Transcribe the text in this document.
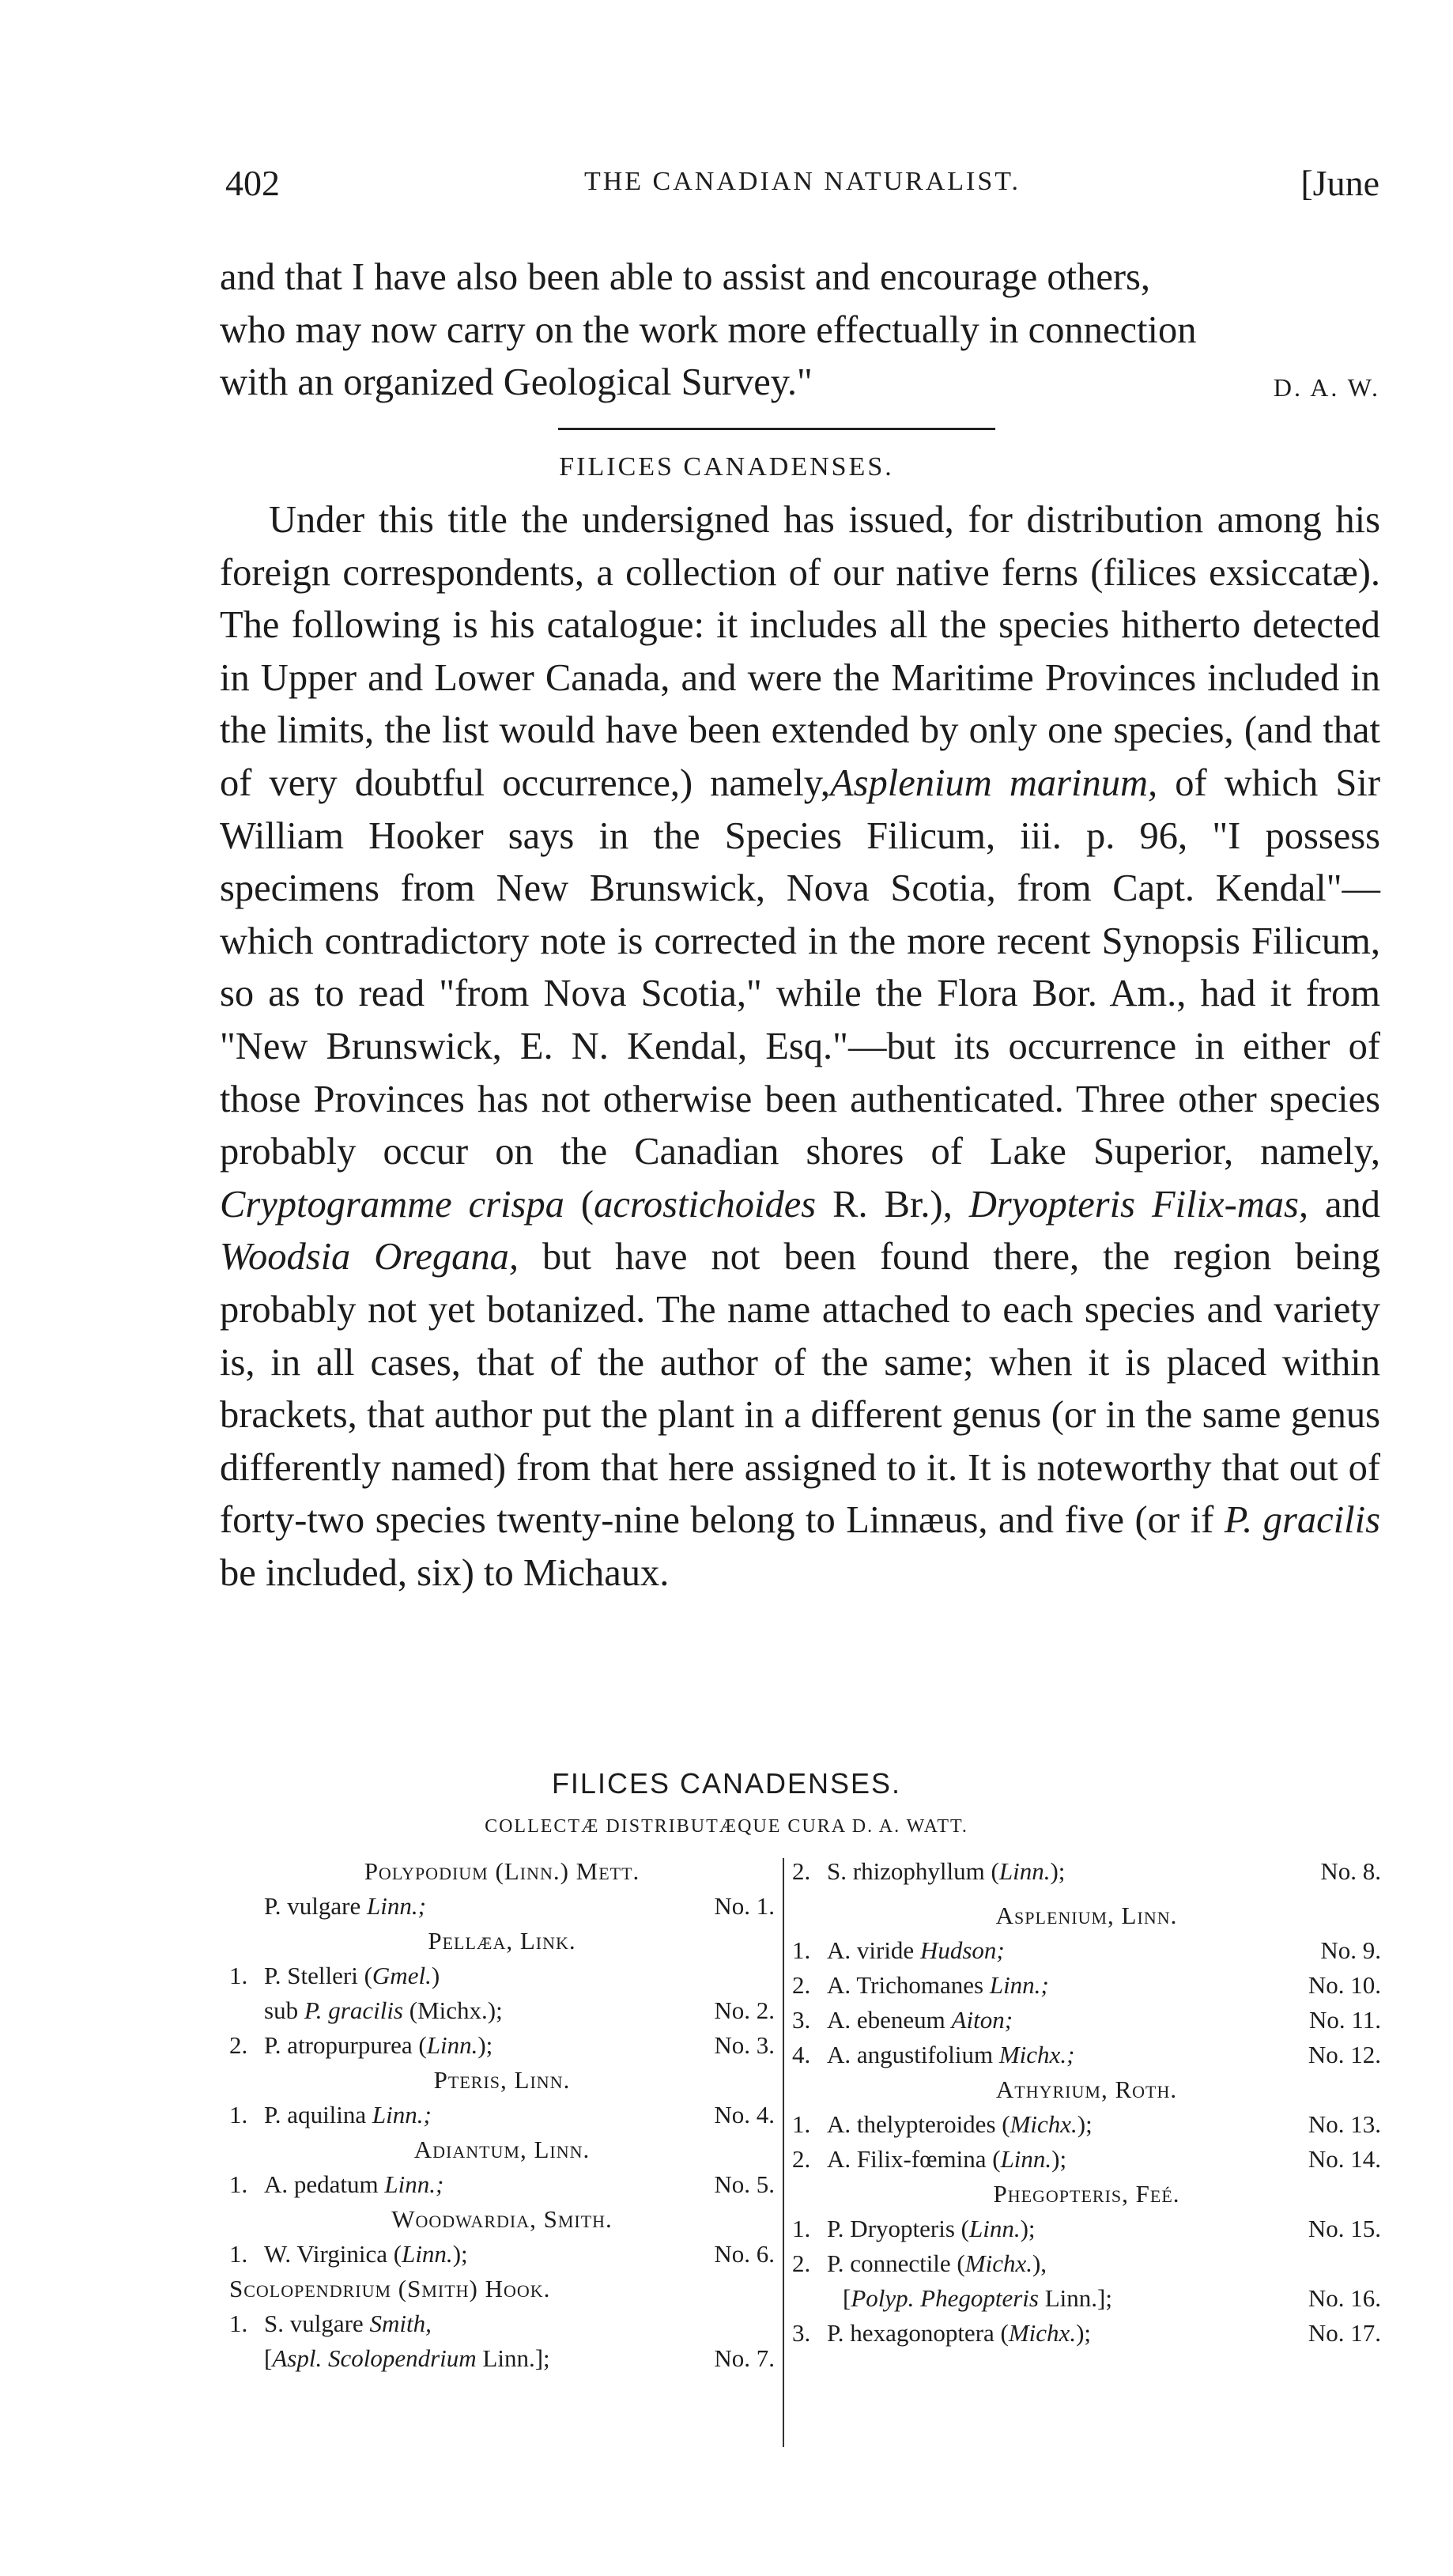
402	THE CANADIAN NATURALIST.	[June

and that I have also been able to assist and encourage others,

who may now carry on the work more effectually in connection

with an organized Geological Survey."	D. A. W.

FILICES CANADENSES.

Under this title the undersigned has issued, for distribution among his foreign correspondents, a collection of our native ferns (filices exsiccatæ). The following is his catalogue: it includes all the species hitherto detected in Upper and Lower Canada, and were the Maritime Provinces included in the limits, the list would have been extended by only one species, (and that of very doubtful occurrence,) namely,Asplenium marinum, of which Sir William Hooker says in the Species Filicum, iii. p. 96, "I possess specimens from New Brunswick, Nova Scotia, from Capt. Kendal"—which contradictory note is corrected in the more recent Synopsis Filicum, so as to read "from Nova Scotia," while the Flora Bor. Am., had it from "New Brunswick, E. N. Kendal, Esq."—but its occurrence in either of those Provinces has not otherwise been authenticated. Three other species probably occur on the Canadian shores of Lake Superior, namely, Cryptogramme crispa (acrostichoides R. Br.), Dryopteris Filix-mas, and Woodsia Oregana, but have not been found there, the region being probably not yet botanized. The name attached to each species and variety is, in all cases, that of the author of the same; when it is placed within brackets, that author put the plant in a different genus (or in the same genus differently named) from that here assigned to it. It is noteworthy that out of forty-two species twenty-nine belong to Linnæus, and five (or if P. gracilis be included, six) to Michaux.

FILICES CANADENSES.
COLLECTÆ DISTRIBUTÆQUE CURA D. A. WATT.
Polypodium (Linn.) Mett.
P. vulgare Linn.;	No. 1.
Pellæa, Link.
1. P. Stelleri (Gmel.)
sub P. gracilis (Michx.);	No. 2.
2. P. atropurpurea (Linn.);	No. 3.
Pteris, Linn.
1. P. aquilina Linn.;	No. 4.
Adiantum, Linn.
1. A. pedatum Linn.;	No. 5.
Woodwardia, Smith.
1. W. Virginica (Linn.);	No. 6.
Scolopendrium (Smith) Hook.
1. S. vulgare Smith,
[Aspl. Scolopendrium Linn.];	No. 7.
2. S. rhizophyllum (Linn.);	No. 8.
Asplenium, Linn.
1. A. viride Hudson;	No. 9.
2. A. Trichomanes Linn.;	No. 10.
3. A. ebeneum Aiton;	No. 11.
4. A. angustifolium Michx.;	No. 12.
Athyrium, Roth.
1. A. thelypteroides (Michx.);	No. 13.
2. A. Filix-fœmina (Linn.);	No. 14.
Phegopteris, Feé.
1. P. Dryopteris (Linn.);	No. 15.
2. P. connectile (Michx.),
[Polyp. Phegopteris Linn.];	No. 16.
3. P. hexagonoptera (Michx.);	No. 17.
